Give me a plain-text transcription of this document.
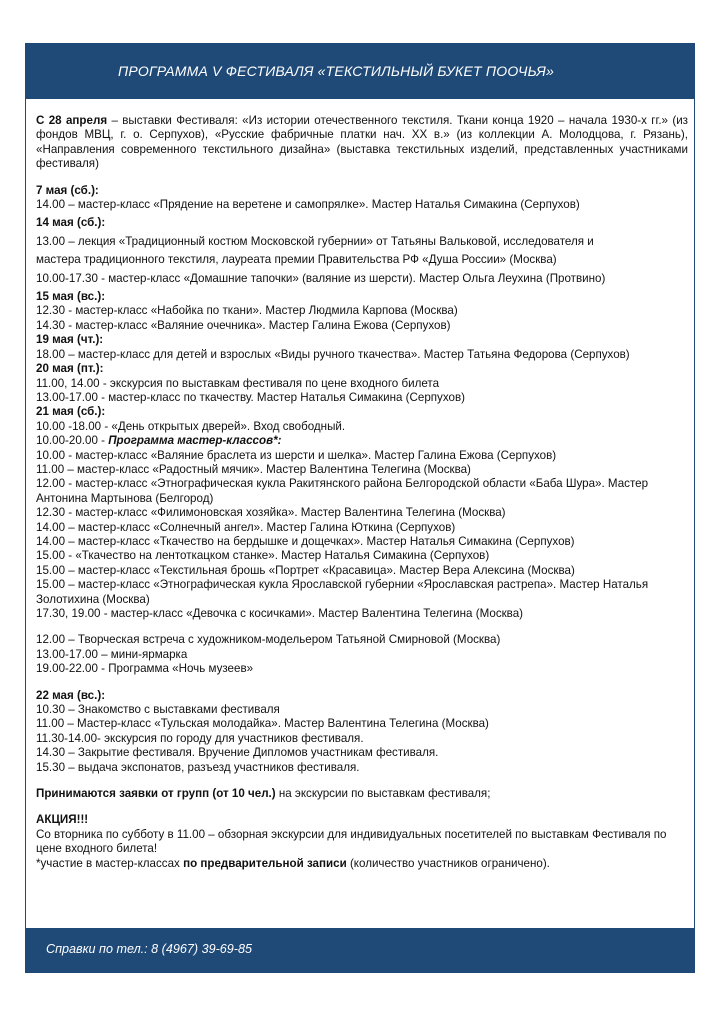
ПРОГРАММА V ФЕСТИВАЛЯ «ТЕКСТИЛЬНЫЙ БУКЕТ ПООЧЬЯ»

С 28 апреля – выставки Фестиваля: «Из истории отечественного текстиля. Ткани конца 1920 – начала 1930-х гг.» (из фондов МВЦ, г. о. Серпухов), «Русские фабричные платки нач. XX в.» (из коллекции А. Молодцова, г. Рязань), «Направления современного текстильного дизайна» (выставка текстильных изделий, представленных участниками фестиваля)

7 мая (сб.):
14.00 – мастер-класс «Прядение на веретене и самопрялке». Мастер Наталья Симакина (Серпухов)
14 мая (сб.):
13.00 – лекция «Традиционный костюм Московской губернии» от Татьяны Вальковой, исследователя и
мастера традиционного текстиля, лауреата премии Правительства РФ «Душа России» (Москва)
10.00-17.30 - мастер-класс «Домашние тапочки» (валяние из шерсти). Мастер Ольга Леухина (Протвино)
15 мая (вс.):
12.30 - мастер-класс «Набойка по ткани». Мастер Людмила Карпова (Москва)
14.30 - мастер-класс «Валяние очечника». Мастер Галина Ежова (Серпухов)
19 мая (чт.):
18.00 – мастер-класс для детей и взрослых «Виды ручного ткачества». Мастер Татьяна Федорова (Серпухов)
20 мая (пт.):
11.00, 14.00 - экскурсия по выставкам фестиваля по цене входного билета
13.00-17.00 - мастер-класс по ткачеству. Мастер Наталья Симакина (Серпухов)
21 мая (сб.):
10.00 -18.00 - «День открытых дверей». Вход свободный.
10.00-20.00 - Программа мастер-классов*:
10.00 - мастер-класс «Валяние браслета из шерсти и шелка». Мастер Галина Ежова (Серпухов)
11.00 – мастер-класс «Радостный мячик». Мастер Валентина Телегина (Москва)
12.00 - мастер-класс «Этнографическая кукла Ракитянского района Белгородской области «Баба Шура». Мастер Антонина Мартынова (Белгород)
12.30 - мастер-класс «Филимоновская хозяйка». Мастер Валентина Телегина (Москва)
14.00 – мастер-класс «Солнечный ангел». Мастер Галина Юткина (Серпухов)
14.00 – мастер-класс «Ткачество на бердышке и дощечках». Мастер Наталья Симакина (Серпухов)
15.00 - «Ткачество на лентоткацком станке». Мастер Наталья Симакина (Серпухов)
15.00 – мастер-класс «Текстильная брошь «Портрет «Красавица». Мастер Вера Алексина (Москва)
15.00 – мастер-класс «Этнографическая кукла Ярославской губернии «Ярославская растрепа». Мастер Наталья Золотихина (Москва)
17.30, 19.00 - мастер-класс «Девочка с косичками». Мастер Валентина Телегина (Москва)
12.00 – Творческая встреча с художником-модельером Татьяной Смирновой (Москва)
13.00-17.00 – мини-ярмарка
19.00-22.00 - Программа «Ночь музеев»
22 мая (вс.):
10.30 – Знакомство с выставками фестиваля
11.00 – Мастер-класс «Тульская молодайка». Мастер Валентина Телегина (Москва)
11.30-14.00- экскурсия по городу для участников фестиваля.
14.30 – Закрытие фестиваля. Вручение Дипломов участникам фестиваля.
15.30 – выдача экспонатов, разъезд участников фестиваля.
Принимаются заявки от групп (от 10 чел.) на экскурсии по выставкам фестиваля;
АКЦИЯ!!!
Со вторника по субботу в 11.00 – обзорная экскурсии для индивидуальных посетителей по выставкам Фестиваля по цене входного билета!
*участие в мастер-классах по предварительной записи (количество участников ограничено).
Справки по тел.: 8 (4967) 39-69-85
